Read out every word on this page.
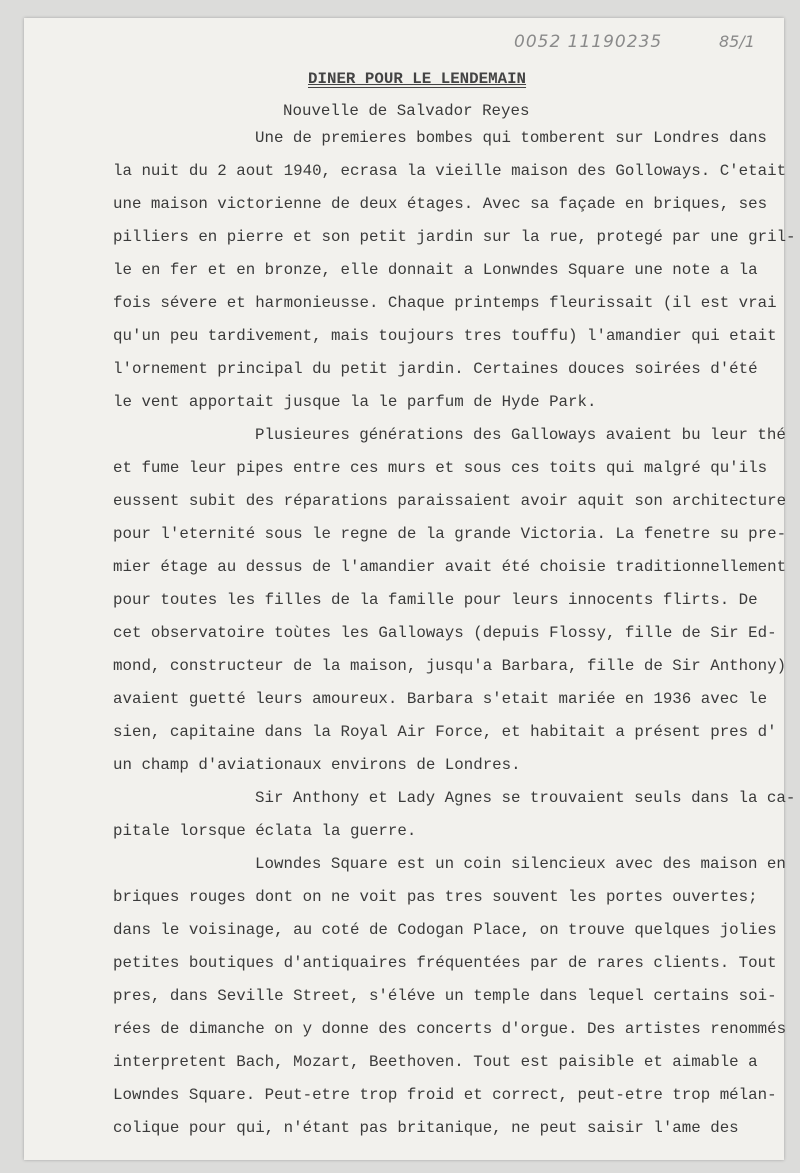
0052 11190235	85/1
DINER POUR LE LENDEMAIN
Nouvelle de Salvador Reyes
Une de premieres bombes qui tomberent sur Londres dans
la nuit du 2 aout 1940, ecrasa la vieille maison des Golloways. C'etait
une maison victorienne de deux étages. Avec sa façade en briques, ses
pilliers en pierre et son petit jardin sur la rue, protegé par une gril-
le en fer et en bronze, elle donnait a Lonwndes Square une note a la
fois sévere et harmonieusse. Chaque printemps fleurissait (il est vrai
qu'un peu tardivement, mais toujours tres touffu) l'amandier qui etait
l'ornement principal du petit jardin. Certaines douces soirées d'été
le vent apportait jusque la le parfum de Hyde Park.
Plusieures générations des Galloways avaient bu leur thé
et fume leur pipes entre ces murs et sous ces toits qui malgré qu'ils
eussent subit des réparations paraissaient avoir aquit son architecture
pour l'eternité sous le regne de la grande Victoria. La fenetre su pre-
mier étage au dessus de l'amandier avait été choisie traditionnellement
pour toutes les filles de la famille pour leurs innocents flirts. De
cet observatoire toùtes les Galloways (depuis Flossy, fille de Sir Ed-
mond, constructeur de la maison, jusqu'a Barbara, fille de Sir Anthony)
avaient guetté leurs amoureux. Barbara s'etait mariée en 1936 avec le
sien, capitaine dans la Royal Air Force, et habitait a présent pres d'
un champ d'aviationaux environs de Londres.
Sir Anthony et Lady Agnes se trouvaient seuls dans la ca-
pitale lorsque éclata la guerre.
Lowndes Square est un coin silencieux avec des maison en
briques rouges dont on ne voit pas tres souvent les portes ouvertes;
dans le voisinage, au coté de Codogan Place, on trouve quelques jolies
petites boutiques d'antiquaires fréquentées par de rares clients. Tout
pres, dans Seville Street, s'éléve un temple dans lequel certains soi-
rées de dimanche on y donne des concerts d'orgue. Des artistes renommés
interpretent Bach, Mozart, Beethoven. Tout est paisible et aimable a
Lowndes Square. Peut-etre trop froid et correct, peut-etre trop mélan-
colique pour qui, n'étant pas britanique, ne peut saisir l'ame des
